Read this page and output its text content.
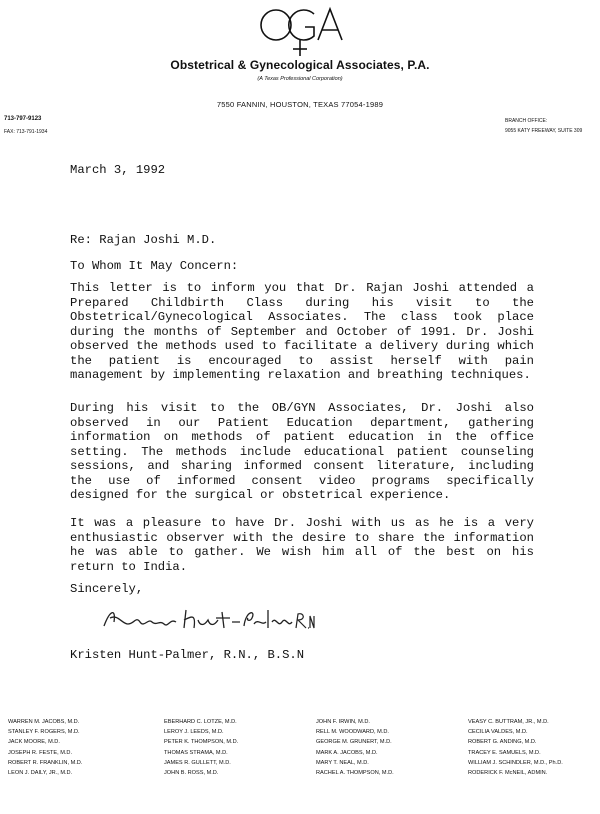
Obstetrical & Gynecological Associates, P.A.
(A Texas Professional Corporation)
7550 FANNIN, HOUSTON, TEXAS 77054-1989
713-797-9123
FAX: 713-791-1934
BRANCH OFFICE:
9055 KATY FREEWAY, SUITE 309
March 3, 1992
Re: Rajan Joshi M.D.
To Whom It May Concern:

This letter is to inform you that Dr. Rajan Joshi attended a Prepared Childbirth Class during his visit to the Obstetrical/Gynecological Associates. The class took place during the months of September and October of 1991. Dr. Joshi observed the methods used to facilitate a delivery during which the patient is encouraged to assist herself with pain management by implementing relaxation and breathing techniques.

During his visit to the OB/GYN Associates, Dr. Joshi also observed in our Patient Education department, gathering information on methods of patient education in the office setting. The methods include educational patient counseling sessions, and sharing informed consent literature, including the use of informed consent video programs specifically designed for the surgical or obstetrical experience.

It was a pleasure to have Dr. Joshi with us as he is a very enthusiastic observer with the desire to share the information he was able to gather. We wish him all of the best on his return to India.

Sincerely,
Kristen Hunt-Palmer, R.N., B.S.N
WARREN M. JACOBS, M.D.
STANLEY F. ROGERS, M.D.
JACK MOORE, M.D.
JOSEPH R. FESTE, M.D.
ROBERT R. FRANKLIN, M.D.
LEON J. DAILY, JR., M.D.
EBERHARD C. LOTZE, M.D.
LEROY J. LEEDS, M.D.
PETER K. THOMPSON, M.D.
THOMAS STRAMA, M.D.
JAMES R. GULLETT, M.D.
JOHN B. ROSS, M.D.
JOHN F. IRWIN, M.D.
RELL M. WOODWARD, M.D.
GEORGE M. GRUNERT, M.D.
MARK A. JACOBS, M.D.
MARY T. NEAL, M.D.
RACHEL A. THOMPSON, M.D.
VEASY C. BUTTRAM, JR., M.D.
CECILIA VALDES, M.D.
ROBERT G. ANDING, M.D.
TRACEY E. SAMUELS, M.D.
WILLIAM J. SCHINDLER, M.D., Ph.D.
RODERICK F. McNEIL, ADMIN.
